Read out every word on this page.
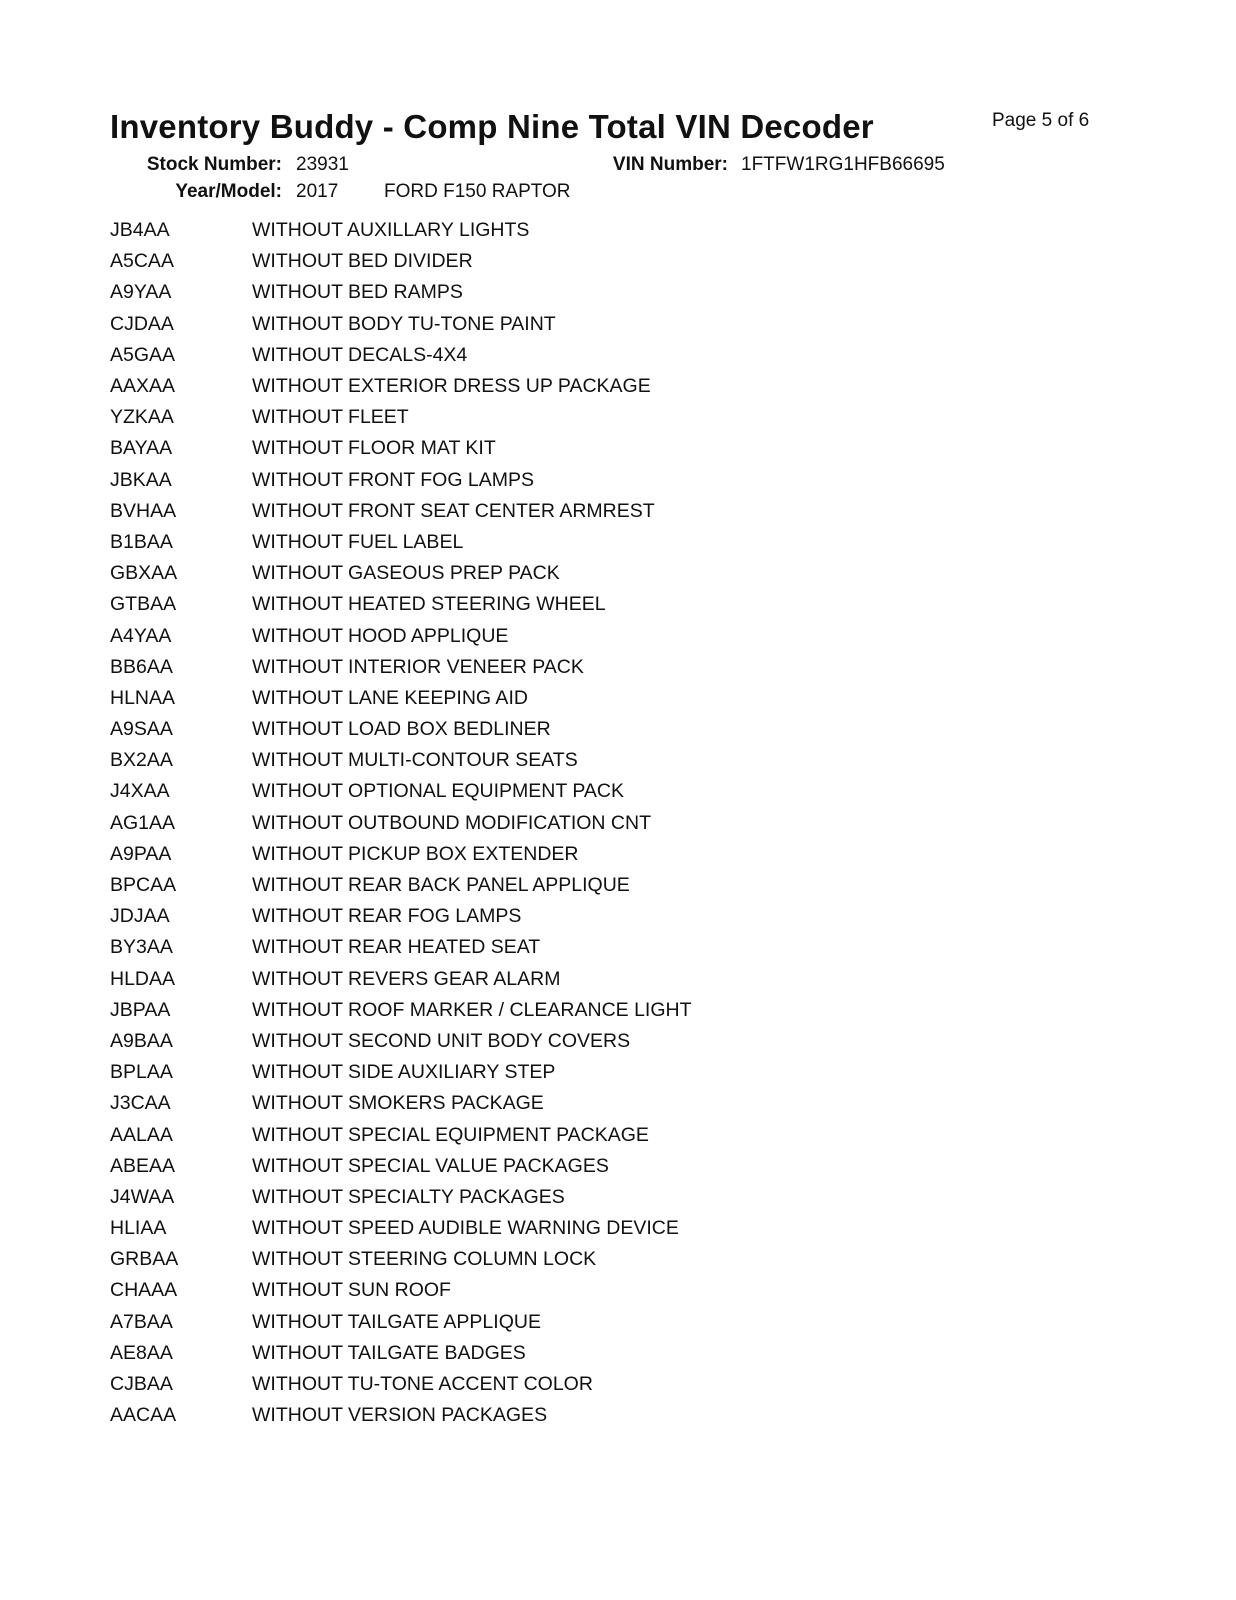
Inventory Buddy - Comp Nine Total VIN Decoder	Page 5 of 6
Stock Number: 23931
Year/Model: 2017 FORD F150 RAPTOR
VIN Number: 1FTFW1RG1HFB66695
JB4AA	WITHOUT AUXILLARY LIGHTS
A5CAA	WITHOUT BED DIVIDER
A9YAA	WITHOUT BED RAMPS
CJDAA	WITHOUT BODY TU-TONE PAINT
A5GAA	WITHOUT DECALS-4X4
AAXAA	WITHOUT EXTERIOR DRESS UP PACKAGE
YZKAA	WITHOUT FLEET
BAYAA	WITHOUT FLOOR MAT KIT
JBKAA	WITHOUT FRONT FOG LAMPS
BVHAA	WITHOUT FRONT SEAT CENTER ARMREST
B1BAA	WITHOUT FUEL LABEL
GBXAA	WITHOUT GASEOUS PREP PACK
GTBAA	WITHOUT HEATED STEERING WHEEL
A4YAA	WITHOUT HOOD APPLIQUE
BB6AA	WITHOUT INTERIOR VENEER PACK
HLNAA	WITHOUT LANE KEEPING AID
A9SAA	WITHOUT LOAD BOX BEDLINER
BX2AA	WITHOUT MULTI-CONTOUR SEATS
J4XAA	WITHOUT OPTIONAL EQUIPMENT PACK
AG1AA	WITHOUT OUTBOUND MODIFICATION CNT
A9PAA	WITHOUT PICKUP BOX EXTENDER
BPCAA	WITHOUT REAR BACK PANEL APPLIQUE
JDJAA	WITHOUT REAR FOG LAMPS
BY3AA	WITHOUT REAR HEATED SEAT
HLDAA	WITHOUT REVERS GEAR ALARM
JBPAA	WITHOUT ROOF MARKER / CLEARANCE LIGHT
A9BAA	WITHOUT SECOND UNIT BODY COVERS
BPLAA	WITHOUT SIDE AUXILIARY STEP
J3CAA	WITHOUT SMOKERS PACKAGE
AALAA	WITHOUT SPECIAL EQUIPMENT PACKAGE
ABEAA	WITHOUT SPECIAL VALUE PACKAGES
J4WAA	WITHOUT SPECIALTY PACKAGES
HLIAA	WITHOUT SPEED AUDIBLE WARNING DEVICE
GRBAA	WITHOUT STEERING COLUMN LOCK
CHAAA	WITHOUT SUN ROOF
A7BAA	WITHOUT TAILGATE APPLIQUE
AE8AA	WITHOUT TAILGATE BADGES
CJBAA	WITHOUT TU-TONE ACCENT COLOR
AACAA	WITHOUT VERSION PACKAGES
